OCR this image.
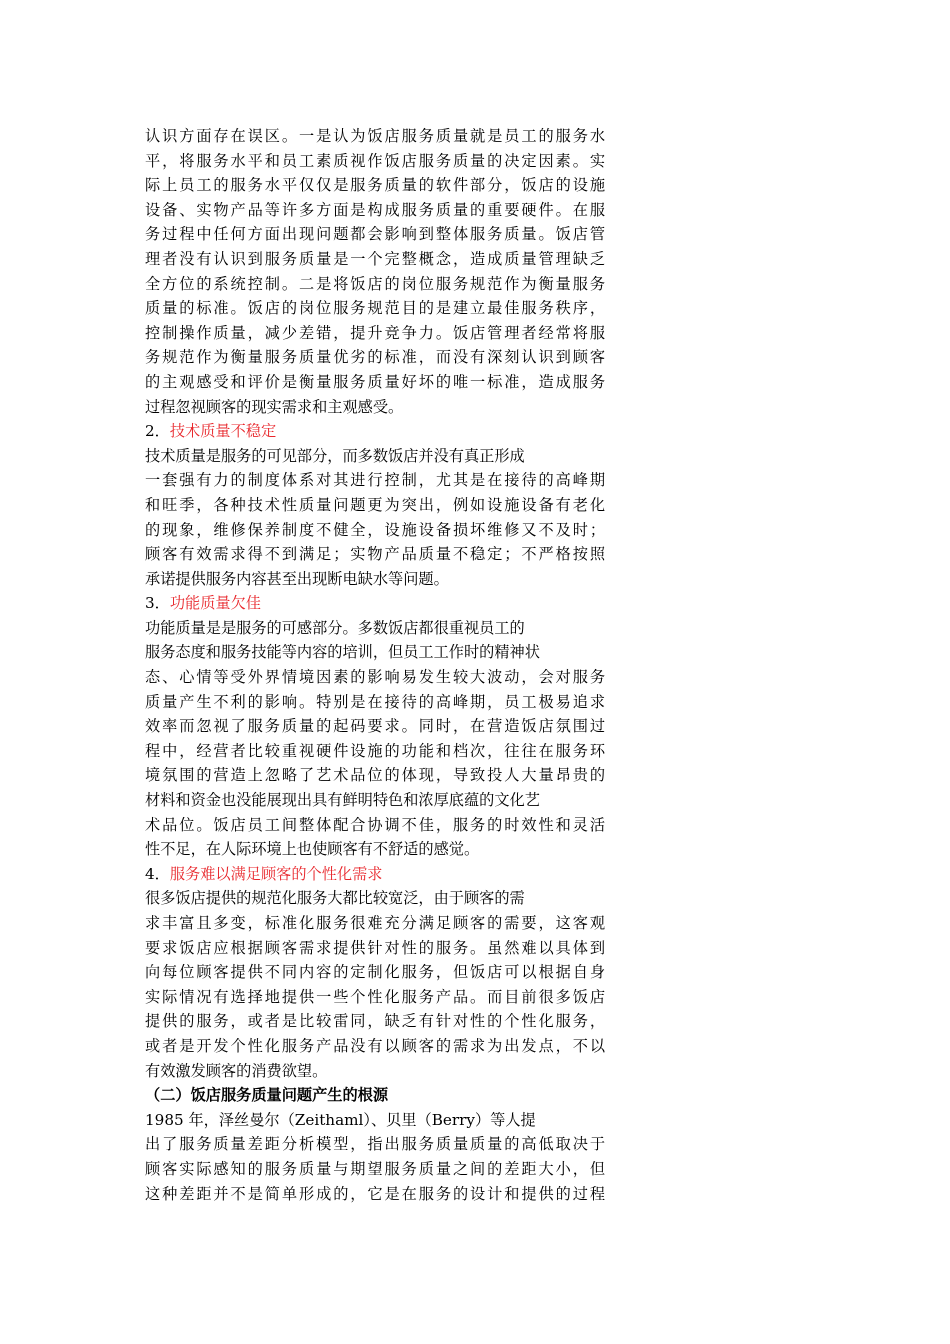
认识方面存在误区。一是认为饭店服务质量就是员工的服务水
平，将服务水平和员工素质视作饭店服务质量的决定因素。实
际上员工的服务水平仅仅是服务质量的软件部分，饭店的设施
设备、实物产品等许多方面是构成服务质量的重要硬件。在服
务过程中任何方面出现问题都会影响到整体服务质量。饭店管
理者没有认识到服务质量是一个完整概念，造成质量管理缺乏
全方位的系统控制。二是将饭店的岗位服务规范作为衡量服务
质量的标准。饭店的岗位服务规范目的是建立最佳服务秩序，
控制操作质量，减少差错，提升竞争力。饭店管理者经常将服
务规范作为衡量服务质量优劣的标准，而没有深刻认识到顾客
的主观感受和评价是衡量服务质量好坏的唯一标准，造成服务
过程忽视顾客的现实需求和主观感受。
2．技术质量不稳定
技术质量是服务的可见部分，而多数饭店并没有真正形成
一套强有力的制度体系对其进行控制，尤其是在接待的高峰期
和旺季，各种技术性质量问题更为突出，例如设施设备有老化
的现象，维修保养制度不健全，设施设备损坏维修又不及时；
顾客有效需求得不到满足；实物产品质量不稳定；不严格按照
承诺提供服务内容甚至出现断电缺水等问题。
3．功能质量欠佳
功能质量是是服务的可感部分。多数饭店都很重视员工的
服务态度和服务技能等内容的培训，但员工工作时的精神状
态、心情等受外界情境因素的影响易发生较大波动，会对服务
质量产生不利的影响。特别是在接待的高峰期，员工极易追求
效率而忽视了服务质量的起码要求。同时，在营造饭店氛围过
程中，经营者比较重视硬件设施的功能和档次，往往在服务环
境氛围的营造上忽略了艺术品位的体现，导致投人大量昂贵的
材料和资金也没能展现出具有鲜明特色和浓厚底蕴的文化艺
术品位。饭店员工间整体配合协调不佳，服务的时效性和灵活
性不足，在人际环境上也使顾客有不舒适的感觉。
4．服务难以满足顾客的个性化需求
很多饭店提供的规范化服务大都比较宽泛，由于顾客的需
求丰富且多变，标准化服务很难充分满足顾客的需要，这客观
要求饭店应根据顾客需求提供针对性的服务。虽然难以具体到
向每位顾客提供不同内容的定制化服务，但饭店可以根据自身
实际情况有选择地提供一些个性化服务产品。而目前很多饭店
提供的服务，或者是比较雷同，缺乏有针对性的个性化服务，
或者是开发个性化服务产品没有以顾客的需求为出发点，不以
有效激发顾客的消费欲望。
（二）饭店服务质量问题产生的根源
1985 年，泽丝曼尔（Zeithaml）、贝里（Berry）等人提
出了服务质量差距分析模型，指出服务质量质量的高低取决于
顾客实际感知的服务质量与期望服务质量之间的差距大小，但
这种差距并不是简单形成的，它是在服务的设计和提供的过程
